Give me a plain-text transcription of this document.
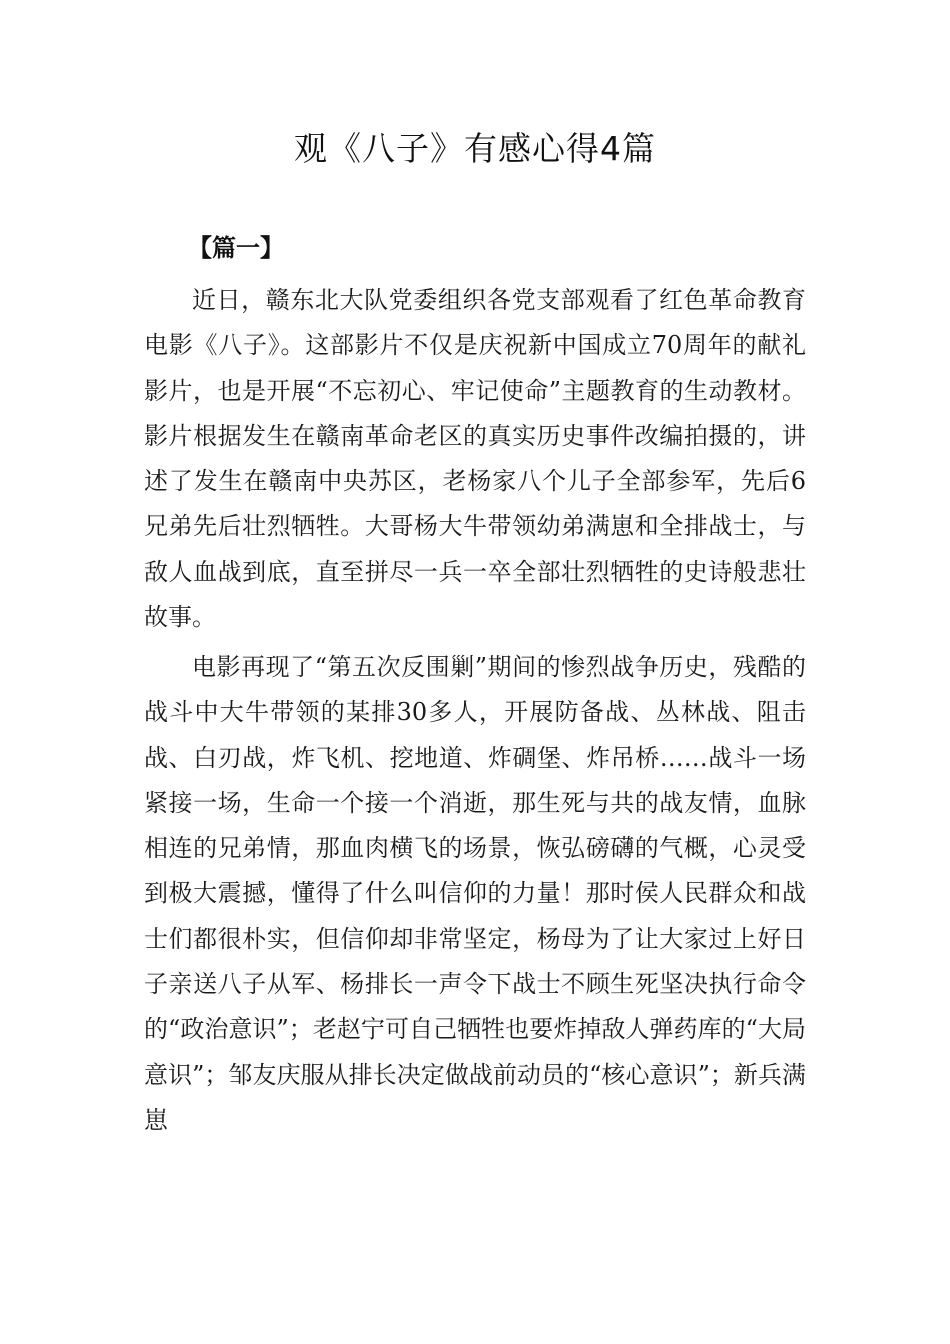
观《八子》有感心得4篇
【篇一】

近日，赣东北大队党委组织各党支部观看了红色革命教育电影《八子》。这部影片不仅是庆祝新中国成立70周年的献礼影片，也是开展“不忘初心、牢记使命”主题教育的生动教材。影片根据发生在赣南革命老区的真实历史事件改编拍摄的，讲述了发生在赣南中央苏区，老杨家八个儿子全部参军，先后6兄弟先后壮烈牺牲。大哥杨大牛带领幼弟满崽和全排战士，与敌人血战到底，直至拼尽一兵一卒全部壮烈牺牲的史诗般悲壮故事。

电影再现了“第五次反围剿”期间的惨烈战争历史，残酷的战斗中大牛带领的某排30多人，开展防备战、丛林战、阻击战、白刃战，炸飞机、挖地道、炸碉堡、炸吊桥……战斗一场紧接一场，生命一个接一个消逝，那生死与共的战友情，血脉相连的兄弟情，那血肉横飞的场景，恢弘磅礴的气概，心灵受到极大震撼，懂得了什么叫信仰的力量！那时侯人民群众和战士们都很朴实，但信仰却非常坚定，杨母为了让大家过上好日子亲送八子从军、杨排长一声令下战士不顾生死坚决执行命令的“政治意识”；老赵宁可自己牺牲也要炸掉敌人弹药库的“大局意识”；邹友庆服从排长决定做战前动员的“核心意识”；新兵满崽
